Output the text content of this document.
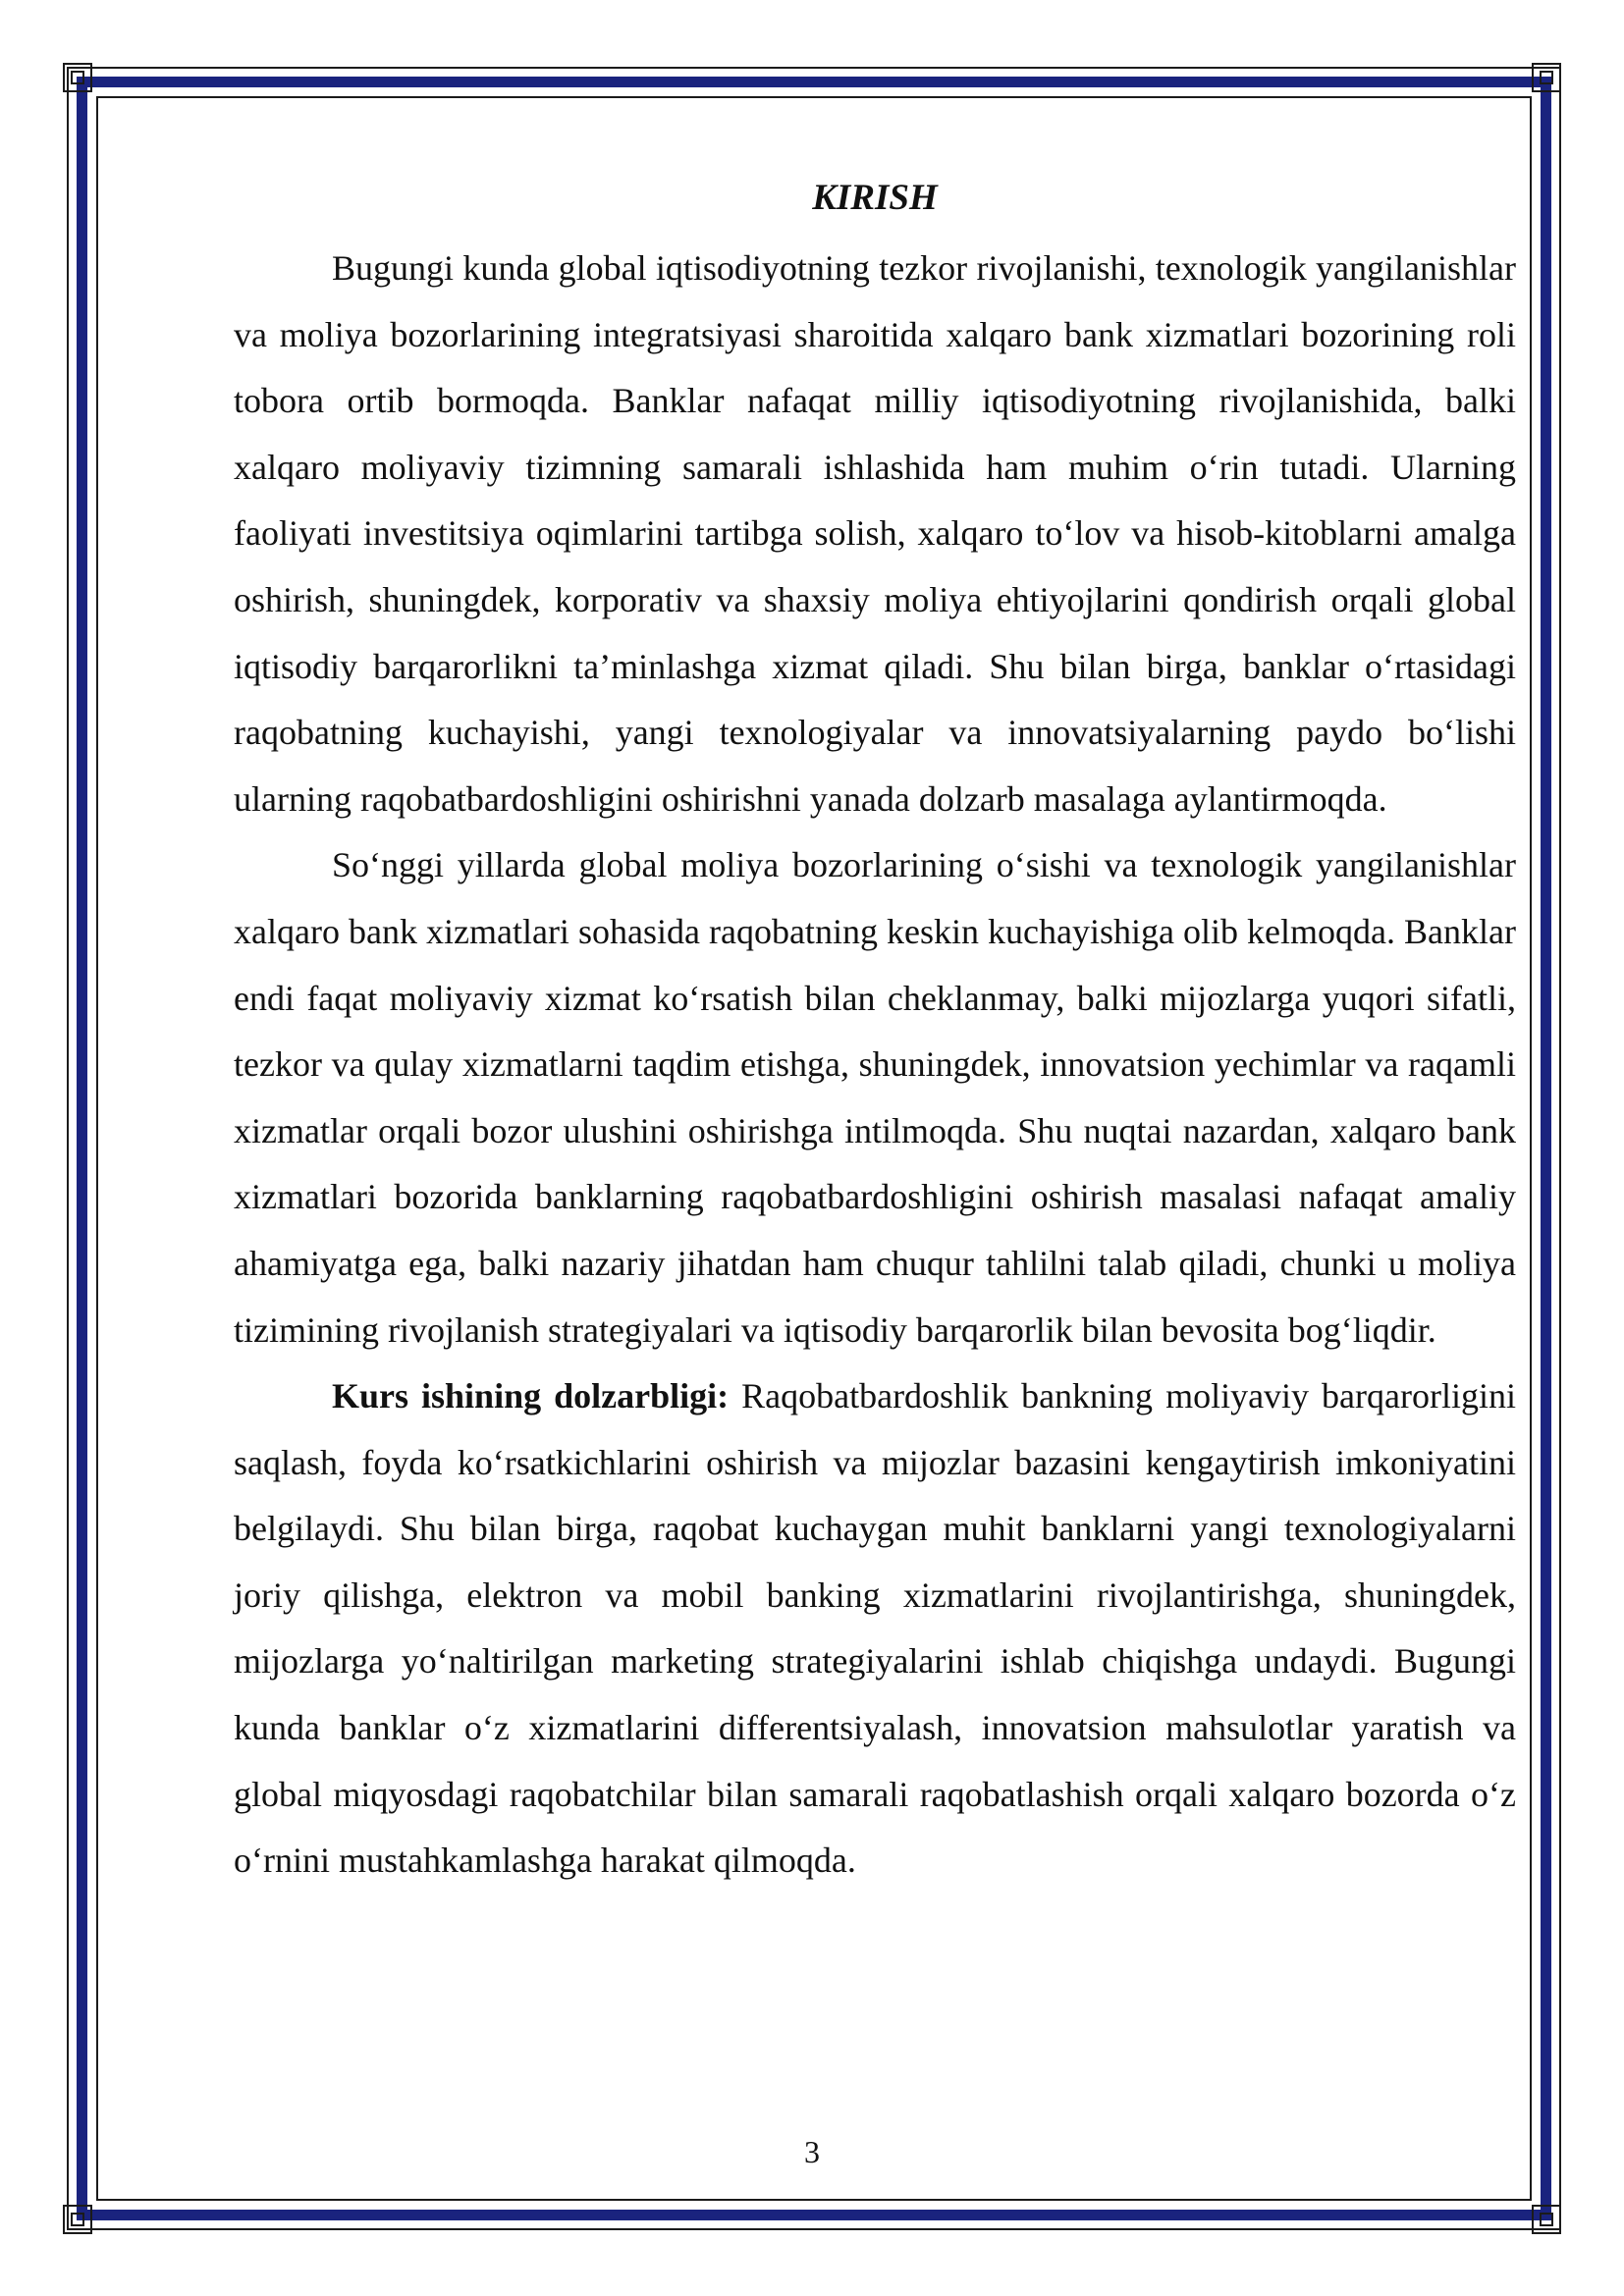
KIRISH

Bugungi kunda global iqtisodiyotning tezkor rivojlanishi, texnologik yangilanishlar va moliya bozorlarining integratsiyasi sharoitida xalqaro bank xizmatlari bozorining roli tobora ortib bormoqda. Banklar nafaqat milliy iqtisodiyotning rivojlanishida, balki xalqaro moliyaviy tizimning samarali ishlashida ham muhim o‘rin tutadi. Ularning faoliyati investitsiya oqimlarini tartibga solish, xalqaro to‘lov va hisob-kitoblarni amalga oshirish, shuningdek, korporativ va shaxsiy moliya ehtiyojlarini qondirish orqali global iqtisodiy barqarorlikni ta’minlashga xizmat qiladi. Shu bilan birga, banklar o‘rtasidagi raqobatning kuchayishi, yangi texnologiyalar va innovatsiyalarning paydo bo‘lishi ularning raqobatbardoshligini oshirishni yanada dolzarb masalaga aylantirmoqda.

So‘nggi yillarda global moliya bozorlarining o‘sishi va texnologik yangilanishlar xalqaro bank xizmatlari sohasida raqobatning keskin kuchayishiga olib kelmoqda. Banklar endi faqat moliyaviy xizmat ko‘rsatish bilan cheklanmay, balki mijozlarga yuqori sifatli, tezkor va qulay xizmatlarni taqdim etishga, shuningdek, innovatsion yechimlar va raqamli xizmatlar orqali bozor ulushini oshirishga intilmoqda. Shu nuqtai nazardan, xalqaro bank xizmatlari bozorida banklarning raqobatbardoshligini oshirish masalasi nafaqat amaliy ahamiyatga ega, balki nazariy jihatdan ham chuqur tahlilni talab qiladi, chunki u moliya tizimining rivojlanish strategiyalari va iqtisodiy barqarorlik bilan bevosita bog‘liqdir.

Kurs ishining dolzarbligi: Raqobatbardoshlik bankning moliyaviy barqarorligini saqlash, foyda ko‘rsatkichlarini oshirish va mijozlar bazasini kengaytirish imkoniyatini belgilaydi. Shu bilan birga, raqobat kuchaygan muhit banklarni yangi texnologiyalarni joriy qilishga, elektron va mobil banking xizmatlarini rivojlantirishga, shuningdek, mijozlarga yo‘naltirilgan marketing strategiyalarini ishlab chiqishga undaydi. Bugungi kunda banklar o‘z xizmatlarini differentsiyalash, innovatsion mahsulotlar yaratish va global miqyosdagi raqobatchilar bilan samarali raqobatlashish orqali xalqaro bozorda o‘z o‘rnini mustahkamlashga harakat qilmoqda.

3
